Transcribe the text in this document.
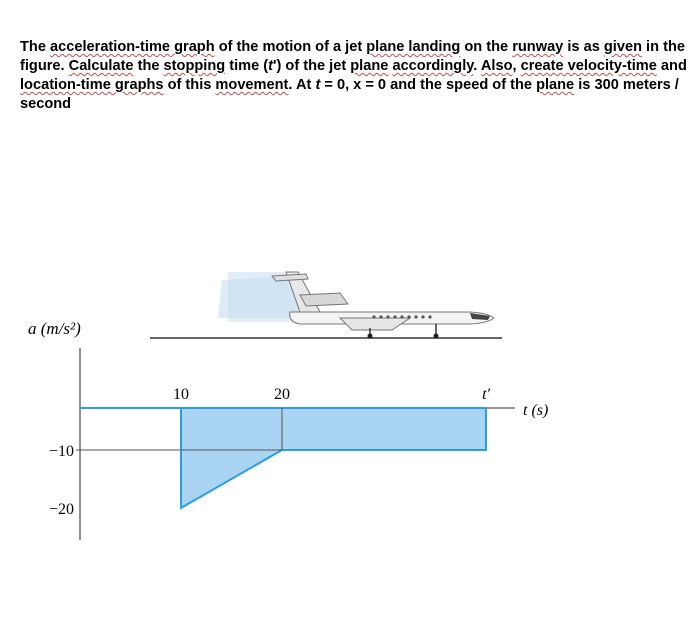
The acceleration-time graph of the motion of a jet plane landing on the runway is as given in the
figure. Calculate the stopping time (t') of the jet plane accordingly. Also, create velocity-time and
location-time graphs of this movement. At t = 0, x = 0 and the speed of the plane is 300 meters /
second
a (m/s²)
t (s)
−10
−20
10	20	t'
